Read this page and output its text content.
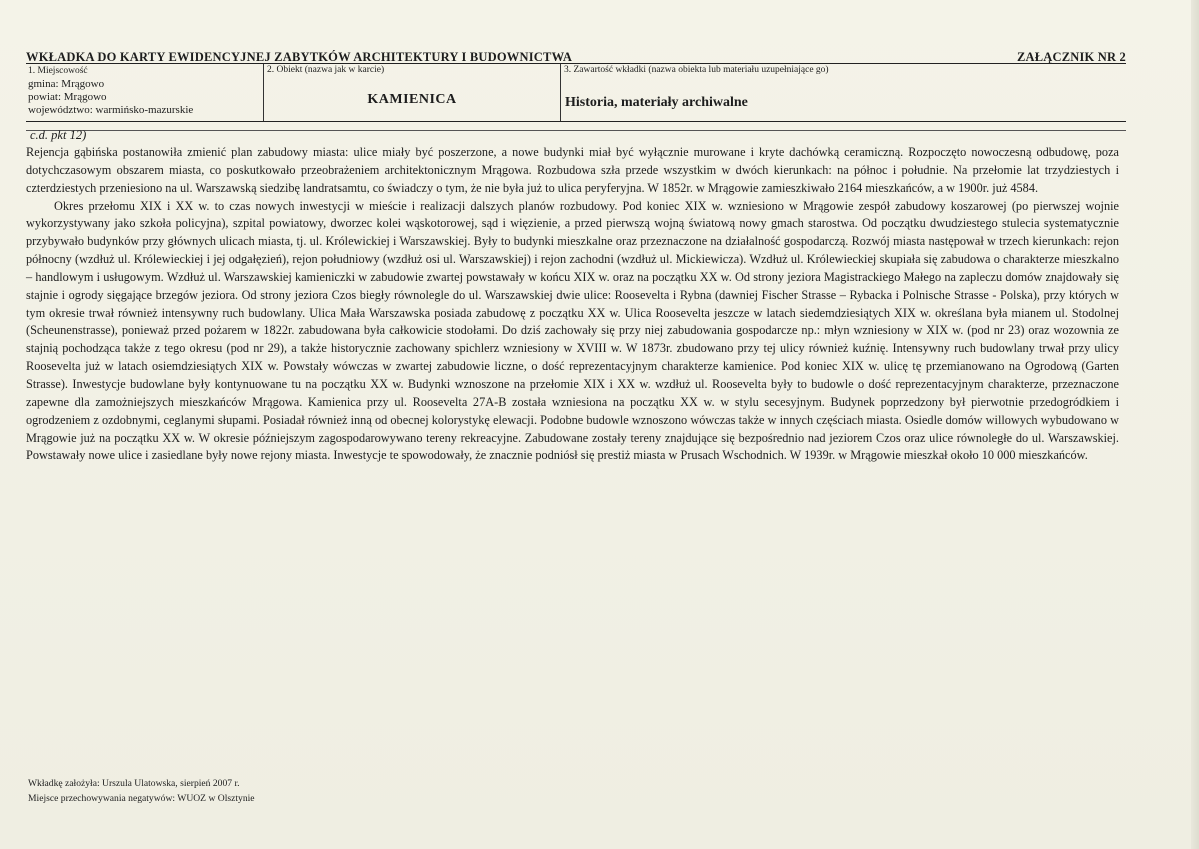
WKŁADKA DO KARTY EWIDENCYJNEJ ZABYTKÓW ARCHITEKTURY I BUDOWNICTWA	ZAŁĄCZNIK NR 2
1. Miejscowość
gmina: Mrągowo
powiat: Mrągowo
województwo: warmińsko-mazurskie
2. Obiekt (nazwa jak w karcie)
KAMIENICA
3. Zawartość wkładki (nazwa obiekta lub materiału uzupełniające go)
Historia, materiały archiwalne
c.d. pkt 12)

Rejencja gąbińska postanowiła zmienić plan zabudowy miasta: ulice miały być poszerzone, a nowe budynki miał być wyłącznie murowane i kryte dachówką ceramiczną. Rozpoczęto nowoczesną odbudowę, poza dotychczasowym obszarem miasta, co poskutkowało przeobrażeniem architektonicznym Mrągowa. Rozbudowa szła przede wszystkim w dwóch kierunkach: na północ i południe. Na przełomie lat trzydziestych i czterdziestych przeniesiono na ul. Warszawską siedzibę landratsamtu, co świadczy o tym, że nie była już to ulica peryferyjna. W 1852r. w Mrągowie zamieszkiwało 2164 mieszkańców, a w 1900r. już 4584.

Okres przełomu XIX i XX w. to czas nowych inwestycji w mieście i realizacji dalszych planów rozbudowy. Pod koniec XIX w. wzniesiono w Mrągowie zespół zabudowy koszarowej (po pierwszej wojnie wykorzystywany jako szkoła policyjna), szpital powiatowy, dworzec kolei wąskotorowej, sąd i więzienie, a przed pierwszą wojną światową nowy gmach starostwa. Od początku dwudziestego stulecia systematycznie przybywało budynków przy głównych ulicach miasta, tj. ul. Królewickiej i Warszawskiej. Były to budynki mieszkalne oraz przeznaczone na działalność gospodarczą. Rozwój miasta następował w trzech kierunkach: rejon północny (wzdłuż ul. Królewieckiej i jej odgałęzień), rejon południowy (wzdłuż osi ul. Warszawskiej) i rejon zachodni (wzdłuż ul. Mickiewicza). Wzdłuż ul. Królewieckiej skupiała się zabudowa o charakterze mieszkalno – handlowym i usługowym. Wzdłuż ul. Warszawskiej kamieniczki w zabudowie zwartej powstawały w końcu XIX w. oraz na początku XX w. Od strony jeziora Magistrackiego Małego na zapleczu domów znajdowały się stajnie i ogrody sięgające brzegów jeziora. Od strony jeziora Czos biegły równolegle do ul. Warszawskiej dwie ulice: Roosevelta i Rybna (dawniej Fischer Strasse – Rybacka i Polnische Strasse - Polska), przy których w tym okresie trwał również intensywny ruch budowlany. Ulica Mała Warszawska posiada zabudowę z początku XX w. Ulica Roosevelta jeszcze w latach siedemdziesiątych XIX w. określana była mianem ul. Stodolnej (Scheunenstrasse), ponieważ przed pożarem w 1822r. zabudowana była całkowicie stodołami. Do dziś zachowały się przy niej zabudowania gospodarcze np.: młyn wzniesiony w XIX w. (pod nr 23) oraz wozownia ze stajnią pochodząca także z tego okresu (pod nr 29), a także historycznie zachowany spichlerz wzniesiony w XVIII w. W 1873r. zbudowano przy tej ulicy również kuźnię. Intensywny ruch budowlany trwał przy ulicy Roosevelta już w latach osiemdziesiątych XIX w. Powstały wówczas w zwartej zabudowie liczne, o dość reprezentacyjnym charakterze kamienice. Pod koniec XIX w. ulicę tę przemianowano na Ogrodową (Garten Strasse). Inwestycje budowlane były kontynuowane tu na początku XX w. Budynki wznoszone na przełomie XIX i XX w. wzdłuż ul. Roosevelta były to budowle o dość reprezentacyjnym charakterze, przeznaczone zapewne dla zamożniejszych mieszkańców Mrągowa. Kamienica przy ul. Roosevelta 27A-B została wzniesiona na początku XX w. w stylu secesyjnym. Budynek poprzedzony był pierwotnie przedogródkiem i ogrodzeniem z ozdobnymi, ceglanymi słupami. Posiadał również inną od obecnej kolorystykę elewacji. Podobne budowle wznoszono wówczas także w innych częściach miasta. Osiedle domów willowych wybudowano w Mrągowie już na początku XX w. W okresie późniejszym zagospodarowywano tereny rekreacyjne. Zabudowane zostały tereny znajdujące się bezpośrednio nad jeziorem Czos oraz ulice równoległe do ul. Warszawskiej. Powstawały nowe ulice i zasiedlane były nowe rejony miasta. Inwestycje te spowodowały, że znacznie podniósł się prestiż miasta w Prusach Wschodnich. W 1939r. w Mrągowie mieszkał około 10 000 mieszkańców.

Wkładkę założyła: Urszula Ulatowska, sierpień 2007 r.
Miejsce przechowywania negatywów: WUOZ w Olsztynie
